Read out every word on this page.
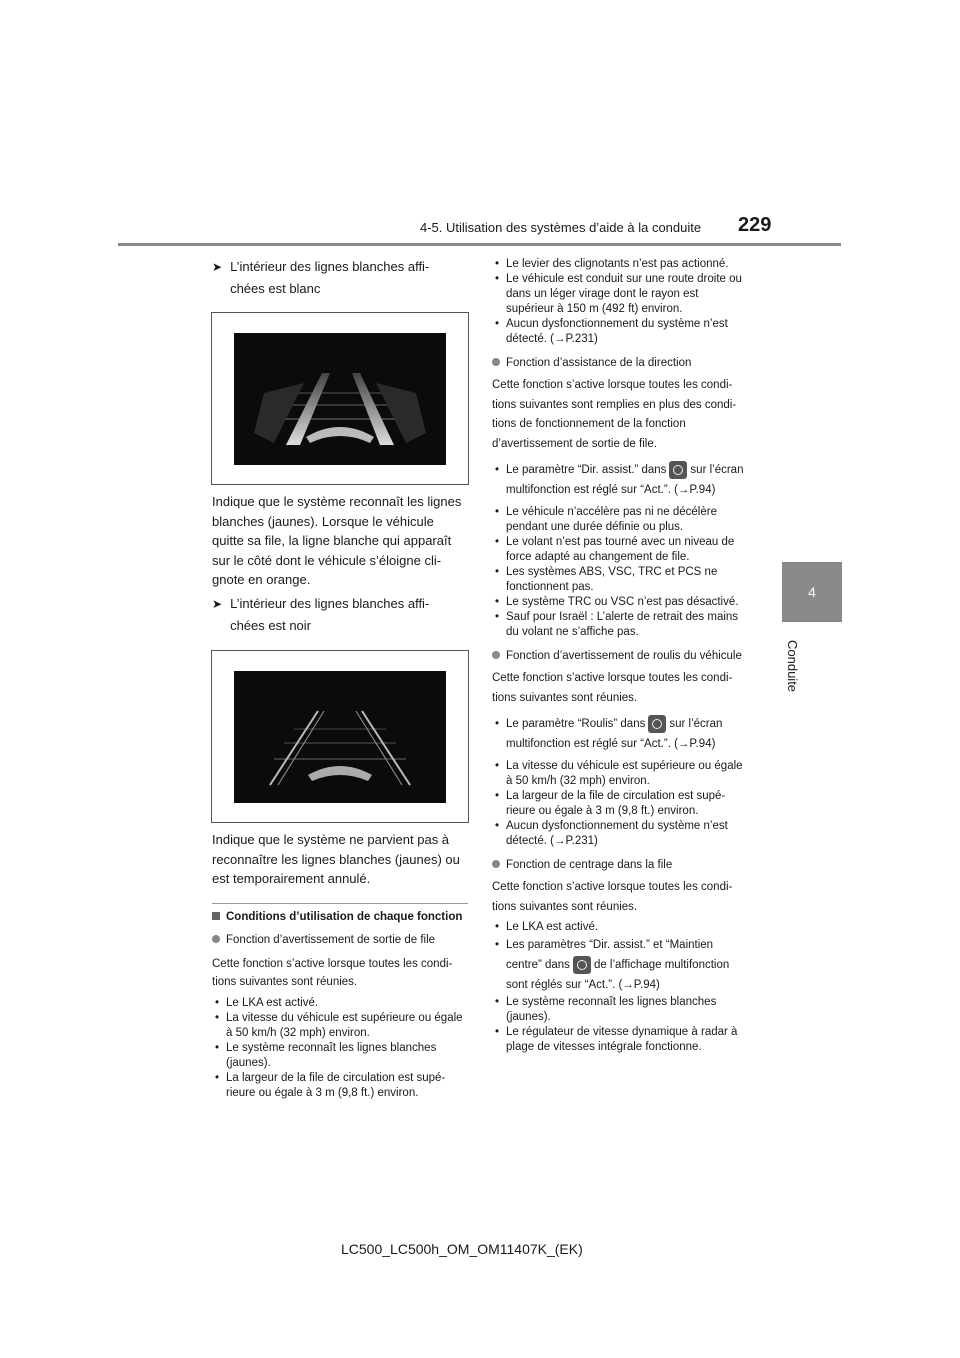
4-5. Utilisation des systèmes d’aide à la conduite 229
4
Conduite
➤ L’intérieur des lignes blanches affi-chées est blanc
Indique que le système reconnaît les lignes blanches (jaunes). Lorsque le véhicule quitte sa file, la ligne blanche qui apparaît sur le côté dont le véhicule s’éloigne cli-gnote en orange.
➤ L’intérieur des lignes blanches affi-chées est noir
Indique que le système ne parvient pas à reconnaître les lignes blanches (jaunes) ou est temporairement annulé.
Conditions d’utilisation de chaque fonction
Fonction d’avertissement de sortie de file
Cette fonction s’active lorsque toutes les condi-tions suivantes sont réunies.
• Le LKA est activé.
• La vitesse du véhicule est supérieure ou égale à 50 km/h (32 mph) environ.
• Le système reconnaît les lignes blanches (jaunes).
• La largeur de la file de circulation est supé-rieure ou égale à 3 m (9,8 ft.) environ.
• Le levier des clignotants n’est pas actionné.
• Le véhicule est conduit sur une route droite ou dans un léger virage dont le rayon est supérieur à 150 m (492 ft) environ.
• Aucun dysfonctionnement du système n’est détecté. (→P.231)
Fonction d’assistance de la direction
Cette fonction s’active lorsque toutes les condi-tions suivantes sont remplies en plus des condi-tions de fonctionnement de la fonction d’avertissement de sortie de file.
• Le paramètre “Dir. assist.” dans sur l’écran multifonction est réglé sur “Act.”. (→P.94)
• Le véhicule n’accélère pas ni ne décélère pendant une durée définie ou plus.
• Le volant n’est pas tourné avec un niveau de force adapté au changement de file.
• Les systèmes ABS, VSC, TRC et PCS ne fonctionnent pas.
• Le système TRC ou VSC n’est pas désactivé.
• Sauf pour Israël : L’alerte de retrait des mains du volant ne s’affiche pas.
Fonction d’avertissement de roulis du véhicule
Cette fonction s’active lorsque toutes les condi-tions suivantes sont réunies.
• Le paramètre “Roulis” dans sur l’écran multifonction est réglé sur “Act.”. (→P.94)
• La vitesse du véhicule est supérieure ou égale à 50 km/h (32 mph) environ.
• La largeur de la file de circulation est supé-rieure ou égale à 3 m (9,8 ft.) environ.
• Aucun dysfonctionnement du système n’est détecté. (→P.231)
Fonction de centrage dans la file
Cette fonction s’active lorsque toutes les condi-tions suivantes sont réunies.
• Le LKA est activé.
• Les paramètres “Dir. assist.” et “Maintien centre” dans de l’affichage multifonction sont réglés sur “Act.”. (→P.94)
• Le système reconnaît les lignes blanches (jaunes).
• Le régulateur de vitesse dynamique à radar à plage de vitesses intégrale fonctionne.
LC500_LC500h_OM_OM11407K_(EK)
